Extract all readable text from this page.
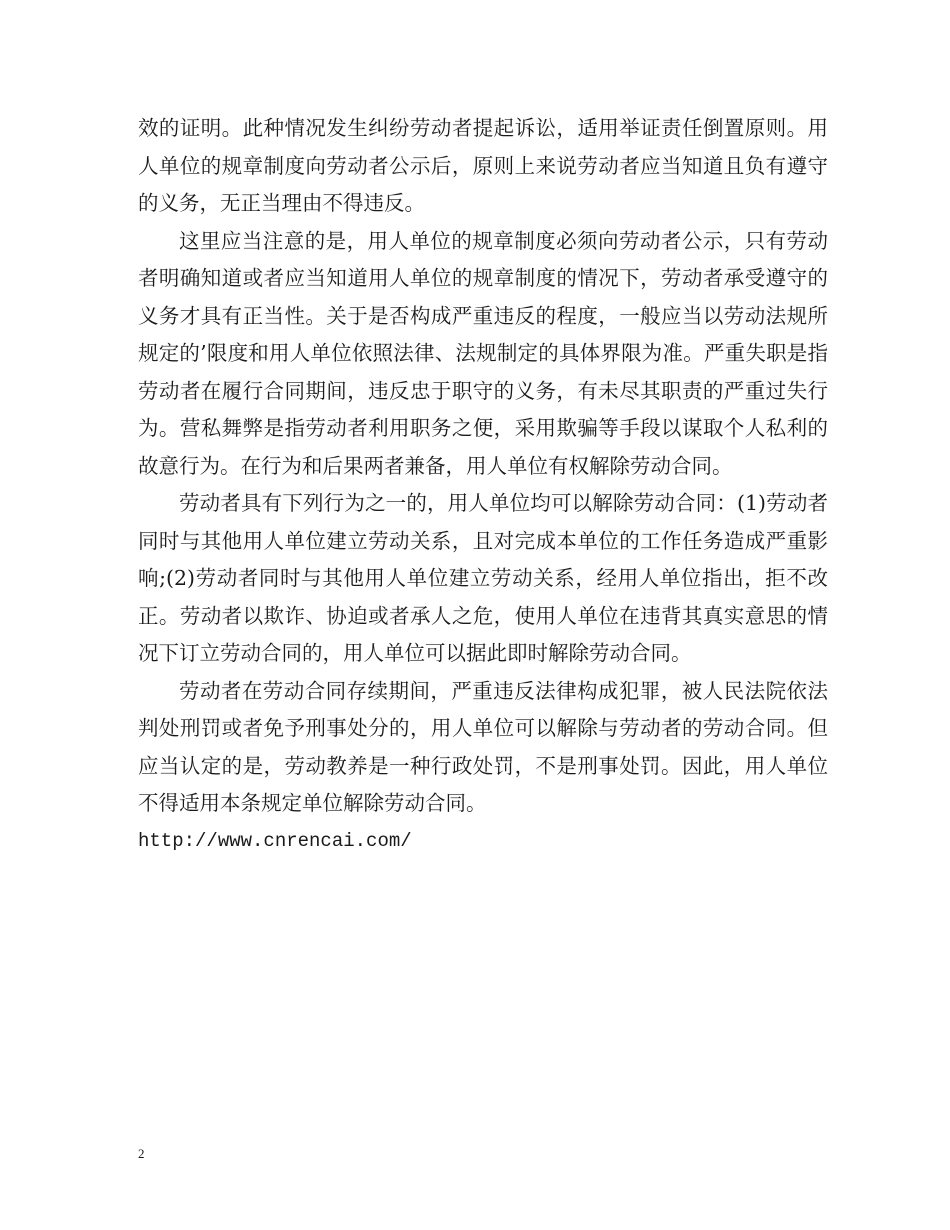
效的证明。此种情况发生纠纷劳动者提起诉讼，适用举证责任倒置原则。用人单位的规章制度向劳动者公示后，原则上来说劳动者应当知道且负有遵守的义务，无正当理由不得违反。

这里应当注意的是，用人单位的规章制度必须向劳动者公示，只有劳动者明确知道或者应当知道用人单位的规章制度的情况下，劳动者承受遵守的义务才具有正当性。关于是否构成严重违反的程度，一般应当以劳动法规所规定的’限度和用人单位依照法律、法规制定的具体界限为准。严重失职是指劳动者在履行合同期间，违反忠于职守的义务，有未尽其职责的严重过失行为。营私舞弊是指劳动者利用职务之便，采用欺骗等手段以谋取个人私利的故意行为。在行为和后果两者兼备，用人单位有权解除劳动合同。

劳动者具有下列行为之一的，用人单位均可以解除劳动合同：(1)劳动者同时与其他用人单位建立劳动关系，且对完成本单位的工作任务造成严重影响;(2)劳动者同时与其他用人单位建立劳动关系，经用人单位指出，拒不改正。劳动者以欺诈、协迫或者承人之危，使用人单位在违背其真实意思的情况下订立劳动合同的，用人单位可以据此即时解除劳动合同。

劳动者在劳动合同存续期间，严重违反法律构成犯罪，被人民法院依法判处刑罚或者免予刑事处分的，用人单位可以解除与劳动者的劳动合同。但应当认定的是，劳动教养是一种行政处罚，不是刑事处罚。因此，用人单位不得适用本条规定单位解除劳动合同。

http://www.cnrencai.com/

2
